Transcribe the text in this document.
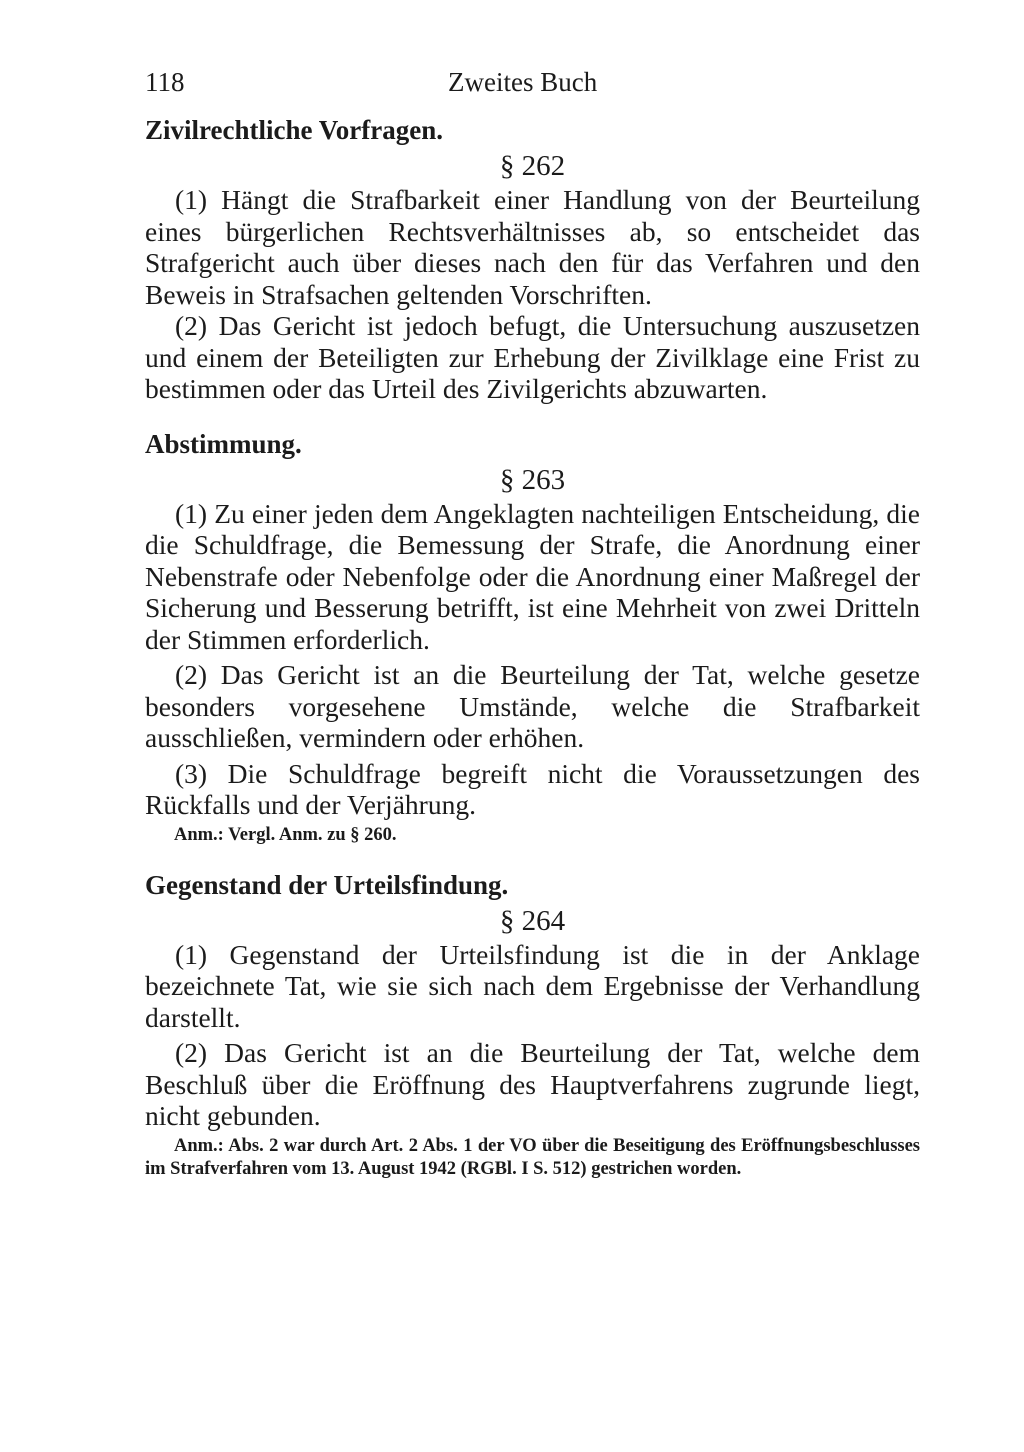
118	Zweites Buch

Zivilrechtliche Vorfragen.

§ 262

(1) Hängt die Strafbarkeit einer Handlung von der Beurteilung eines bürgerlichen Rechtsverhältnisses ab, so entscheidet das Strafgericht auch über dieses nach den für das Verfahren und den Beweis in Strafsachen geltenden Vorschriften.

(2) Das Gericht ist jedoch befugt, die Untersuchung auszusetzen und einem der Beteiligten zur Erhebung der Zivilklage eine Frist zu bestimmen oder das Urteil des Zivilgerichts abzuwarten.

Abstimmung.

§ 263

(1) Zu einer jeden dem Angeklagten nachteiligen Entscheidung, die die Schuldfrage, die Bemessung der Strafe, die Anordnung einer Nebenstrafe oder Nebenfolge oder die Anordnung einer Maßregel der Sicherung und Besserung betrifft, ist eine Mehrheit von zwei Dritteln der Stimmen erforderlich.

(2) Das Gericht ist an die Beurteilung der Tat, welche gesetze besonders vorgesehene Umstände, welche die Strafbarkeit ausschließen, vermindern oder erhöhen.

(3) Die Schuldfrage begreift nicht die Voraussetzungen des Rückfalls und der Verjährung.

Anm.: Vergl. Anm. zu § 260.

Gegenstand der Urteilsfindung.

§ 264

(1) Gegenstand der Urteilsfindung ist die in der Anklage bezeichnete Tat, wie sie sich nach dem Ergebnisse der Verhandlung darstellt.

(2) Das Gericht ist an die Beurteilung der Tat, welche dem Beschluß über die Eröffnung des Hauptverfahrens zugrunde liegt, nicht gebunden.

Anm.: Abs. 2 war durch Art. 2 Abs. 1 der VO über die Beseitigung des Eröffnungsbeschlusses im Strafverfahren vom 13. August 1942 (RGBl. I S. 512) gestrichen worden.
